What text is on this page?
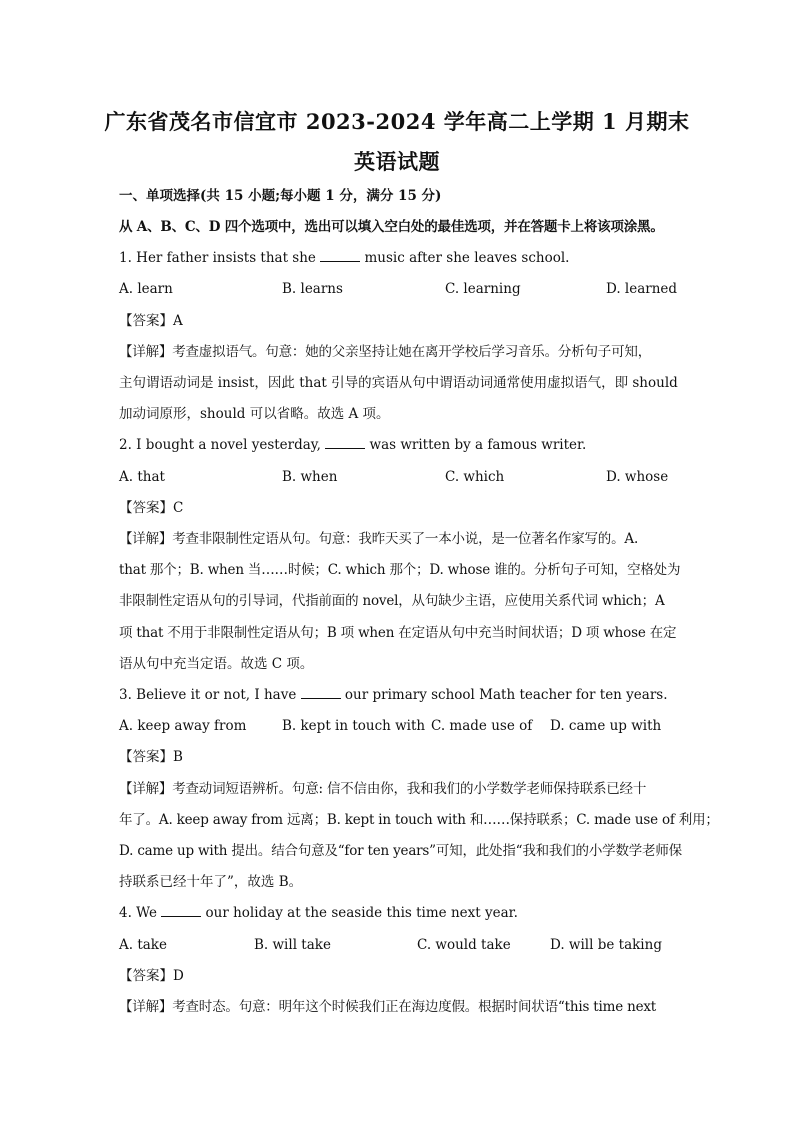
广东省茂名市信宜市 2023-2024 学年高二上学期 1 月期末
英语试题
一、单项选择(共 15 小题;每小题 1 分，满分 15 分)
从 A、B、C、D 四个选项中，选出可以填入空白处的最佳选项，并在答题卡上将该项涂黑。
1. Her father insists that she	music after she leaves school.
A. learn	B. learns	C. learning	D. learned
【答案】A
【详解】考查虚拟语气。句意：她的父亲坚持让她在离开学校后学习音乐。分析句子可知，
主句谓语动词是 insist，因此 that 引导的宾语从句中谓语动词通常使用虚拟语气，即 should
加动词原形，should 可以省略。故选 A 项。
2. I bought a novel yesterday,	was written by a famous writer.
A. that	B. when	C. which	D. whose
【答案】C
【详解】考查非限制性定语从句。句意：我昨天买了一本小说，是一位著名作家写的。A.
that 那个；B. when 当……时候；C. which 那个；D. whose 谁的。分析句子可知，空格处为
非限制性定语从句的引导词，代指前面的 novel，从句缺少主语，应使用关系代词 which；A
项 that 不用于非限制性定语从句；B 项 when 在定语从句中充当时间状语；D 项 whose 在定
语从句中充当定语。故选 C 项。
3. Believe it or not, I have	our primary school Math teacher for ten years.
A. keep away from	B. kept in touch with C. made use of D. came up with
【答案】B
【详解】考查动词短语辨析。句意: 信不信由你，我和我们的小学数学老师保持联系已经十
年了。A. keep away from 远离；B. kept in touch with 和……保持联系；C. made use of 利用；
D. came up with 提出。结合句意及“for ten years”可知，此处指“我和我们的小学数学老师保
持联系已经十年了”，故选 B。
4. We	our holiday at the seaside this time next year.
A. take	B. will take	C. would take	D. will be taking
【答案】D
【详解】考查时态。句意：明年这个时候我们正在海边度假。根据时间状语“this time next
